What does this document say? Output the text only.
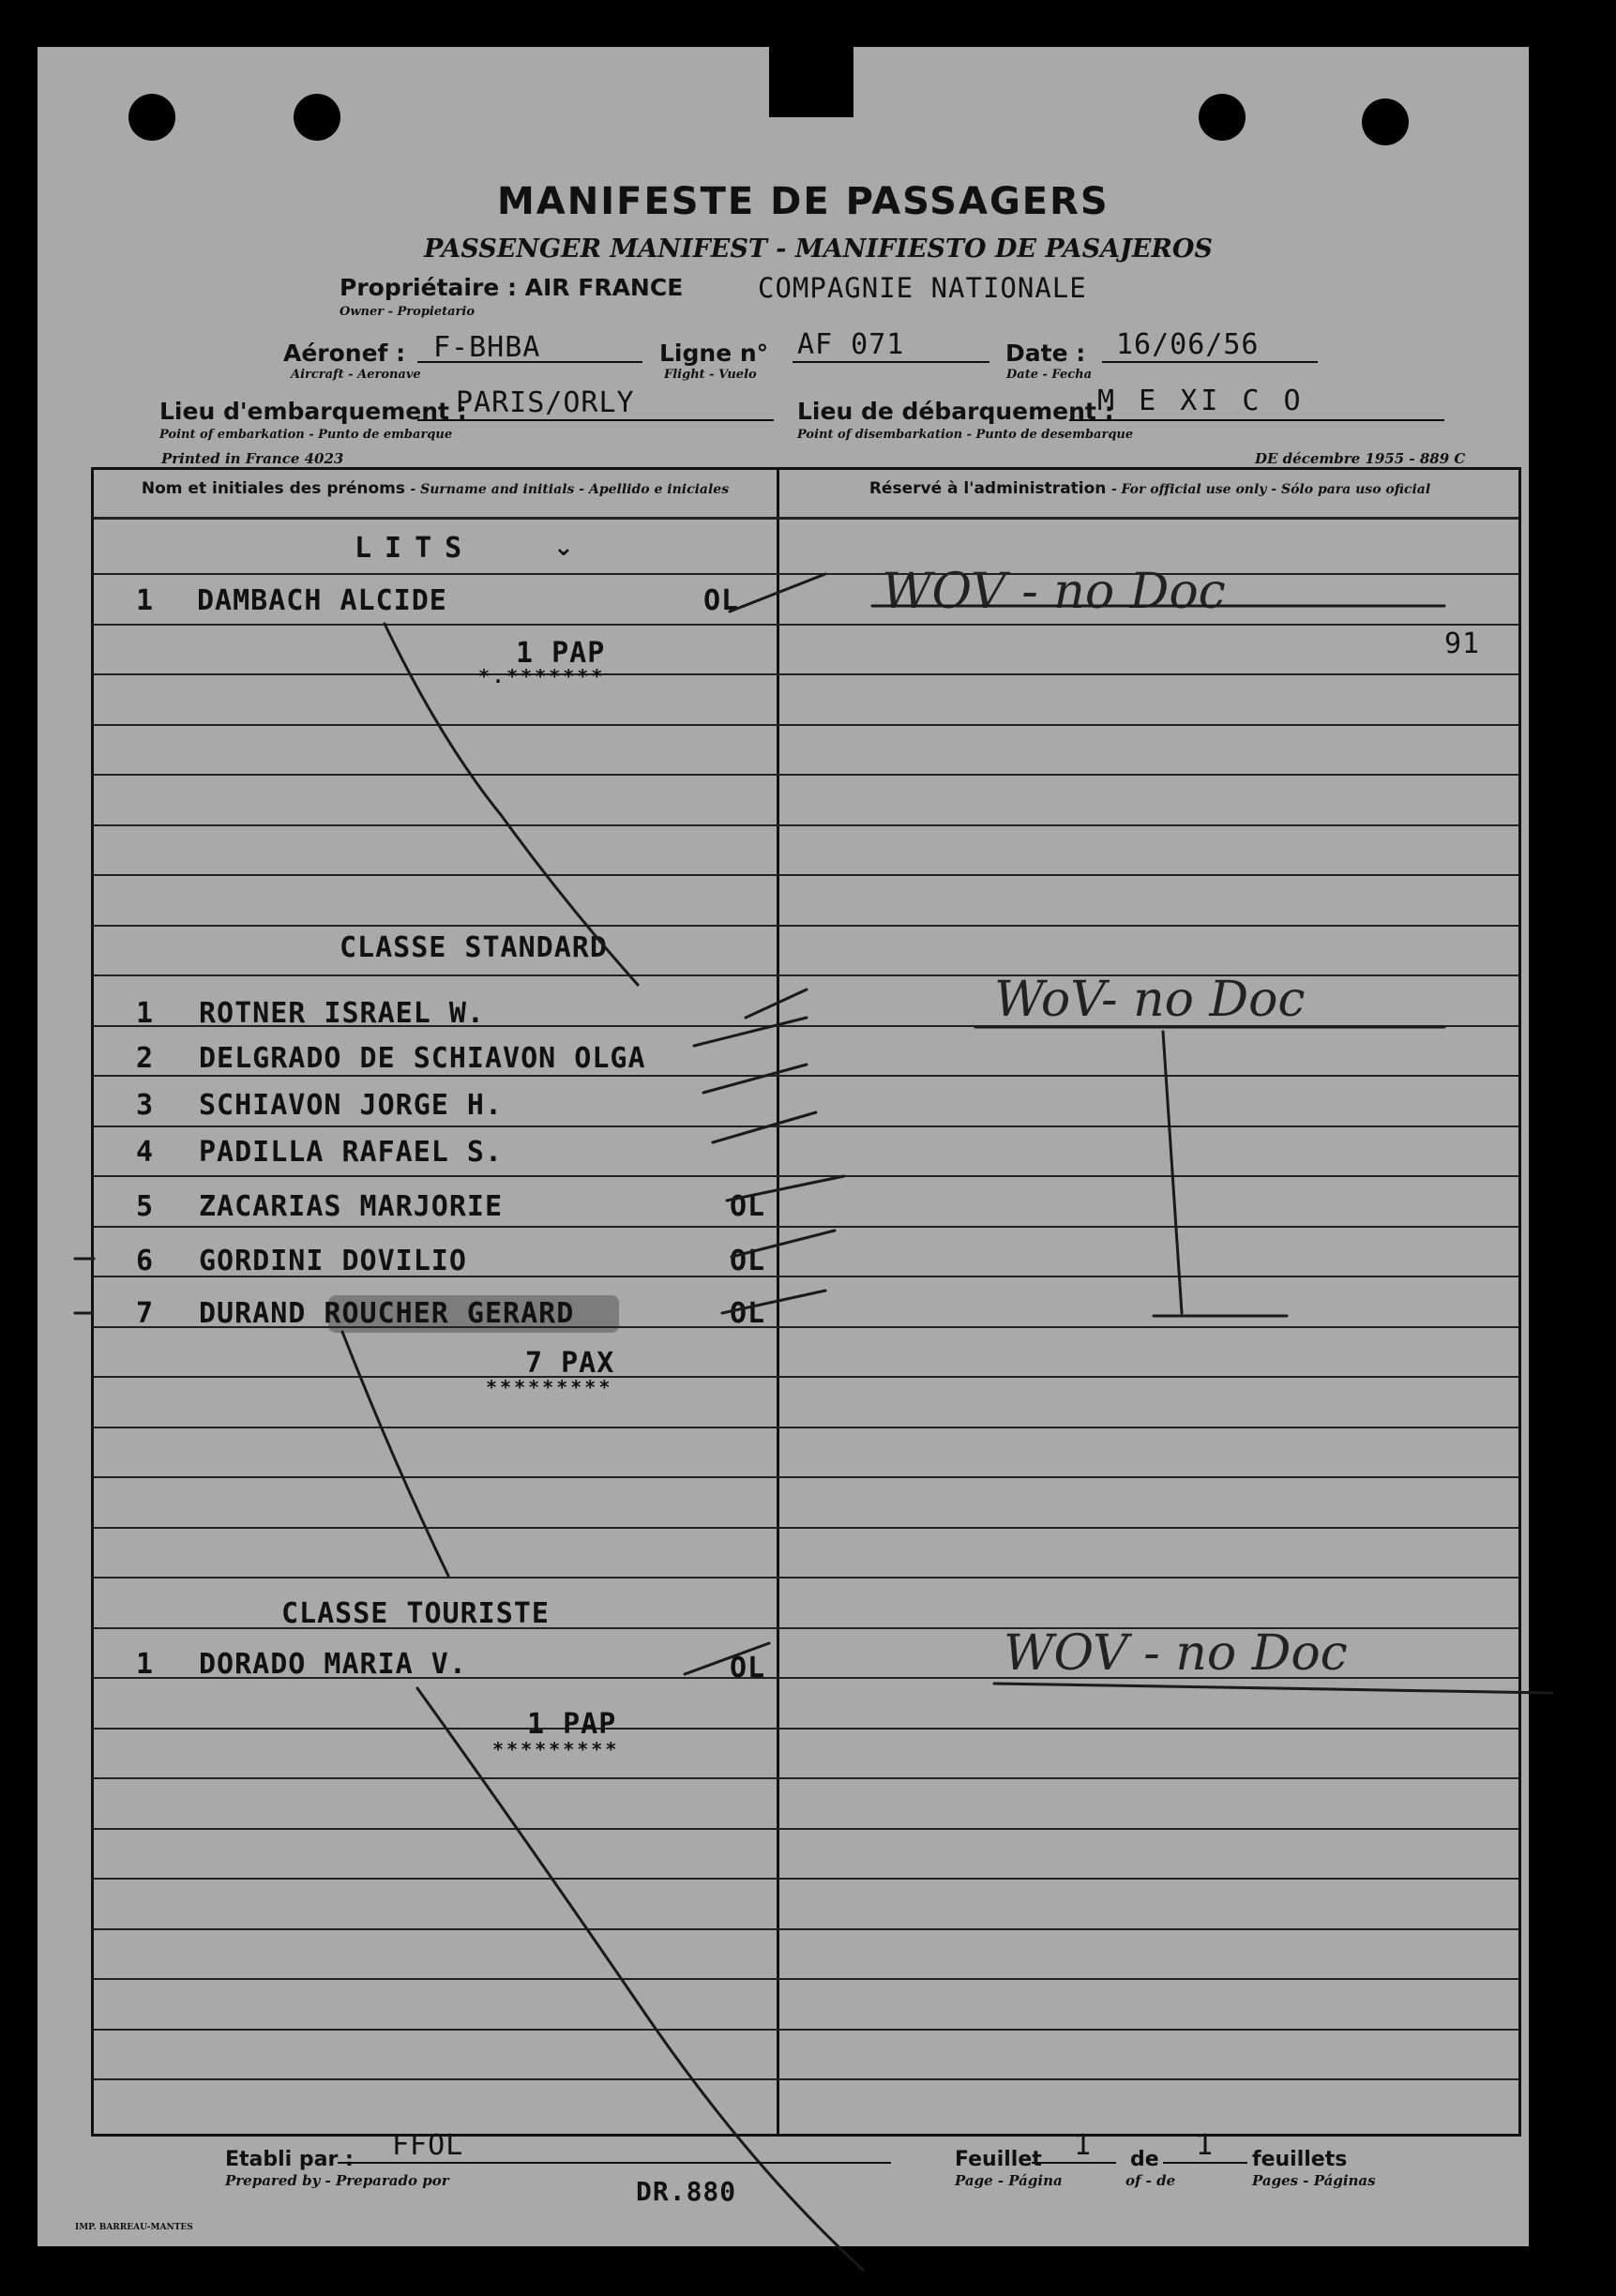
MANIFESTE DE PASSAGERS
PASSENGER MANIFEST - MANIFIESTO DE PASAJEROS
Propriétaire : AIR FRANCE	COMPAGNIE NATIONALE
Owner - Propietario
Aéronef : F-BHBA
Aircraft - Aeronave
Ligne n° AF 071
Flight - Vuelo
Date : 16/06/56
Date - Fecha
Lieu d'embarquement :
PARIS/ORLY
Point of embarkation - Punto de embarque
Lieu de débarquement :
M E XI C O
Point of disembarkation - Punto de desembarque
Printed in France 4023	DE décembre 1955 - 889 C
Nom et initiales des prénoms - Surname and initials - Apellido e iniciales	Réservé à l'administration - For official use only - Sólo para uso oficial
LITS	⌄
1 DAMBACH ALCIDE	OL
1 PAP
*.*******
CLASSE STANDARD
1 ROTNER ISRAEL W.
2 DELGRADO DE SCHIAVON OLGA
3 SCHIAVON JORGE H.
4 PADILLA RAFAEL S.
5 ZACARIAS MARJORIE	OL
6 GORDINI DOVILIO	OL
7 DURAND ROUCHER GERARD	OL
7 PAX
*********
CLASSE TOURISTE
1 DORADO MARIA V.	OL
1 PAP
*********
WOV - no Doc
91
WoV- no Doc
WOV - no Doc
Etabli par : FFOL
Prepared by - Preparado por	DR.880
Feuillet 1 de 1 feuillets
Page - Página	of - de	Pages - Páginas
IMP. BARREAU-MANTES
